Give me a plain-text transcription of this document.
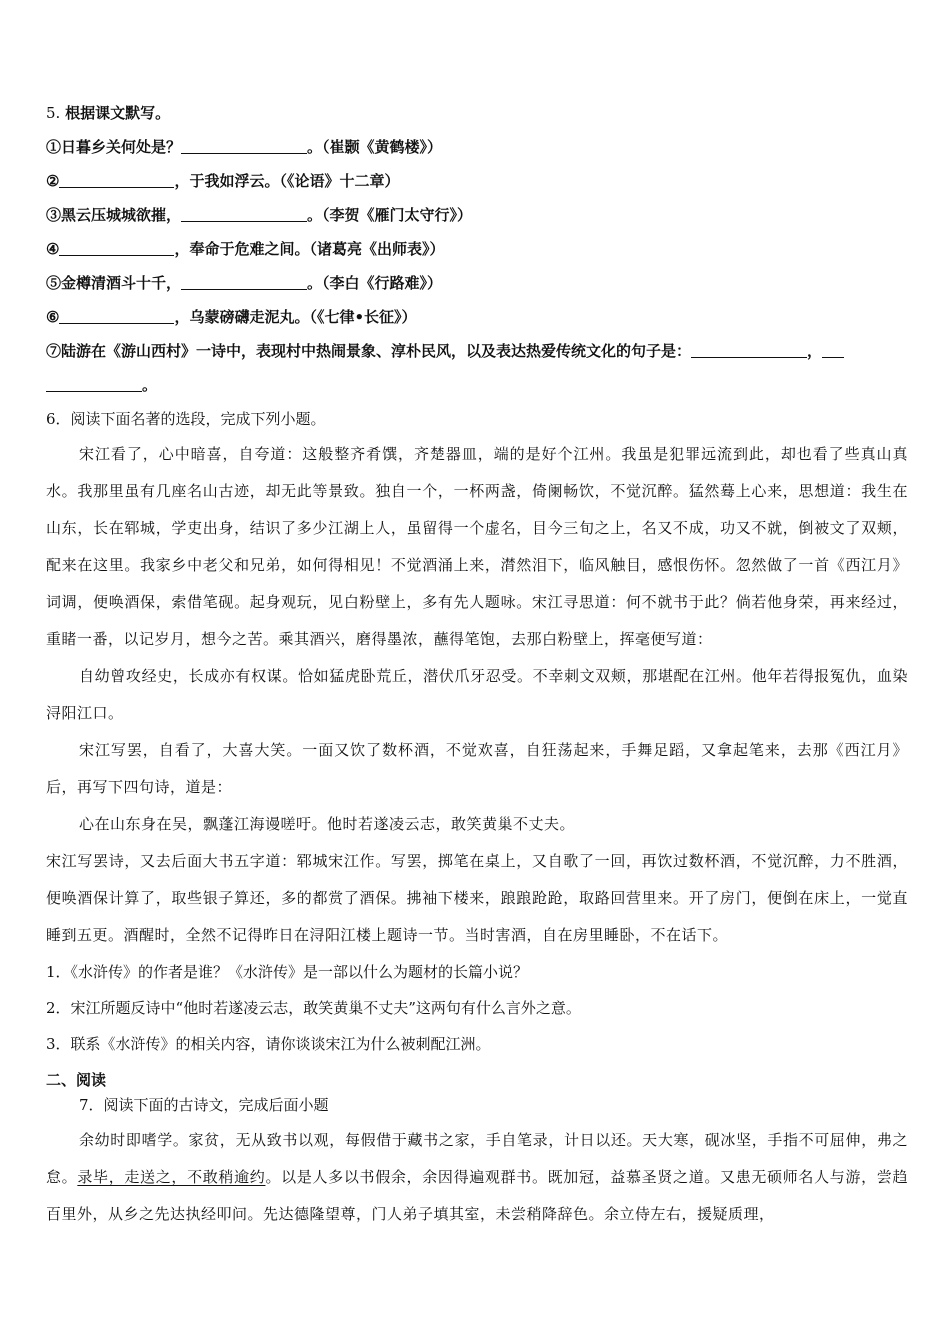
5. 根据课文默写。
①日暮乡关何处是？	。（崔颢《黄鹤楼》）
②	，于我如浮云。（《论语》十二章）
③黑云压城城欲摧，	。（李贺《雁门太守行》）
④	，奉命于危难之间。（诸葛亮《出师表》）
⑤金樽清酒斗十千，	。（李白《行路难》）
⑥	，乌蒙磅礴走泥丸。（《七律•长征》）
⑦陆游在《游山西村》一诗中，表现村中热闹景象、淳朴民风，以及表达热爱传统文化的句子是：	，
。
6．阅读下面名著的选段，完成下列小题。
宋江看了，心中暗喜，自夸道：这般整齐肴馔，齐楚器皿，端的是好个江州。我虽是犯罪远流到此，却也看了些真山真水。我那里虽有几座名山古迹，却无此等景致。独自一个，一杯两盏，倚阑畅饮，不觉沉醉。猛然蓦上心来，思想道：我生在山东，长在郓城，学吏出身，结识了多少江湖上人，虽留得一个虚名，目今三旬之上，名又不成，功又不就，倒被文了双颊，配来在这里。我家乡中老父和兄弟，如何得相见！不觉酒涌上来，潸然泪下，临风触目，感恨伤怀。忽然做了一首《西江月》词调，便唤酒保，索借笔砚。起身观玩，见白粉壁上，多有先人题咏。宋江寻思道：何不就书于此？倘若他身荣，再来经过，重睹一番，以记岁月，想今之苦。乘其酒兴，磨得墨浓，蘸得笔饱，去那白粉壁上，挥毫便写道：
自幼曾攻经史，长成亦有权谋。恰如猛虎卧荒丘，潜伏爪牙忍受。不幸刺文双颊，那堪配在江州。他年若得报冤仇，血染浔阳江口。
宋江写罢，自看了，大喜大笑。一面又饮了数杯酒，不觉欢喜，自狂荡起来，手舞足蹈，又拿起笔来，去那《西江月》后，再写下四句诗，道是：
心在山东身在吴，飘蓬江海谩嗟吁。他时若遂凌云志，敢笑黄巢不丈夫。
宋江写罢诗，又去后面大书五字道：郓城宋江作。写罢，掷笔在桌上，又自歌了一回，再饮过数杯酒，不觉沉醉，力不胜酒，便唤酒保计算了，取些银子算还，多的都赏了酒保。拂袖下楼来，踉踉跄跄，取路回营里来。开了房门，便倒在床上，一觉直睡到五更。酒醒时，全然不记得昨日在浔阳江楼上题诗一节。当时害酒，自在房里睡卧，不在话下。
1．《水浒传》的作者是谁？《水浒传》是一部以什么为题材的长篇小说？
2．宋江所题反诗中“他时若遂凌云志，敢笑黄巢不丈夫”这两句有什么言外之意。
3．联系《水浒传》的相关内容，请你谈谈宋江为什么被刺配江洲。
二、阅读
7．阅读下面的古诗文，完成后面小题
余幼时即嗜学。家贫，无从致书以观，每假借于藏书之家，手自笔录，计日以还。天大寒，砚冰坚，手指不可屈伸，弗之怠。录毕，走送之，不敢稍逾约。以是人多以书假余，余因得遍观群书。既加冠，益慕圣贤之道。又患无硕师名人与游，尝趋百里外，从乡之先达执经叩问。先达德隆望尊，门人弟子填其室，未尝稍降辞色。余立侍左右，援疑质理，
